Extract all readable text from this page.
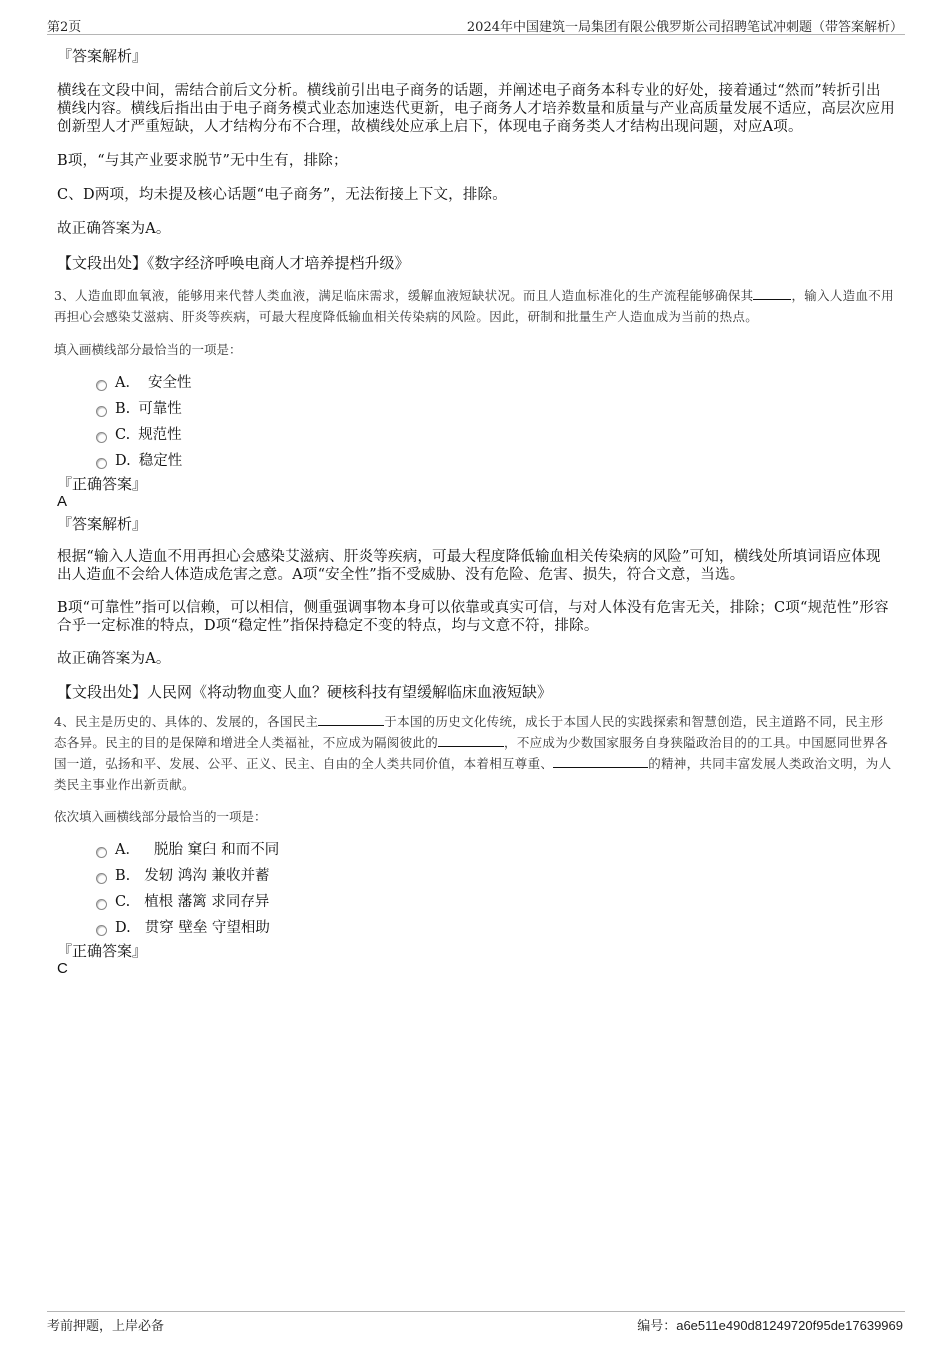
第2页	2024年中国建筑一局集团有限公俄罗斯公司招聘笔试冲刺题（带答案解析）

『答案解析』

横线在文段中间，需结合前后文分析。横线前引出电子商务的话题，并阐述电子商务本科专业的好处，接着通过“然而”转折引出横线内容。横线后指出由于电子商务模式业态加速迭代更新，电子商务人才培养数量和质量与产业高质量发展不适应，高层次应用创新型人才严重短缺，人才结构分布不合理，故横线处应承上启下，体现电子商务类人才结构出现问题，对应A项。

B项，“与其产业要求脱节”无中生有，排除；

C、D两项，均未提及核心话题“电子商务”，无法衔接上下文，排除。

故正确答案为A。

【文段出处】《数字经济呼唤电商人才培养提档升级》

3、人造血即血氧液，能够用来代替人类血液，满足临床需求，缓解血液短缺状况。而且人造血标准化的生产流程能够确保其	，输入人造血不用再担心会感染艾滋病、肝炎等疾病，可最大程度降低输血相关传染病的风险。因此，研制和批量生产人造血成为当前的热点。

填入画横线部分最恰当的一项是：

A． 安全性
B. 可靠性
C. 规范性
D. 稳定性

『正确答案』

A

『答案解析』

根据“输入人造血不用再担心会感染艾滋病、肝炎等疾病，可最大程度降低输血相关传染病的风险”可知，横线处所填词语应体现出人造血不会给人体造成危害之意。A项“安全性”指不受威胁、没有危险、危害、损失，符合文意，当选。

B项“可靠性”指可以信赖，可以相信，侧重强调事物本身可以依靠或真实可信，与对人体没有危害无关，排除；C项“规范性”形容合乎一定标准的特点，D项“稳定性”指保持稳定不变的特点，均与文意不符，排除。

故正确答案为A。

【文段出处】人民网《将动物血变人血？硬核科技有望缓解临床血液短缺》

4、民主是历史的、具体的、发展的，各国民主	于本国的历史文化传统，成长于本国人民的实践探索和智慧创造，民主道路不同，民主形态各异。民主的目的是保障和增进全人类福祉，不应成为隔阂彼此的	，不应成为少数国家服务自身狭隘政治目的的工具。中国愿同世界各国一道，弘扬和平、发展、公平、正义、民主、自由的全人类共同价值，本着相互尊重、	的精神，共同丰富发展人类政治文明，为人类民主事业作出新贡献。

依次填入画横线部分最恰当的一项是：

A． 脱胎 窠臼 和而不同
B. 发轫 鸿沟 兼收并蓄
C. 植根 藩篱 求同存异
D. 贯穿 壁垒 守望相助

『正确答案』

C

考前押题，上岸必备	编号：a6e511e490d81249720f95de17639969
